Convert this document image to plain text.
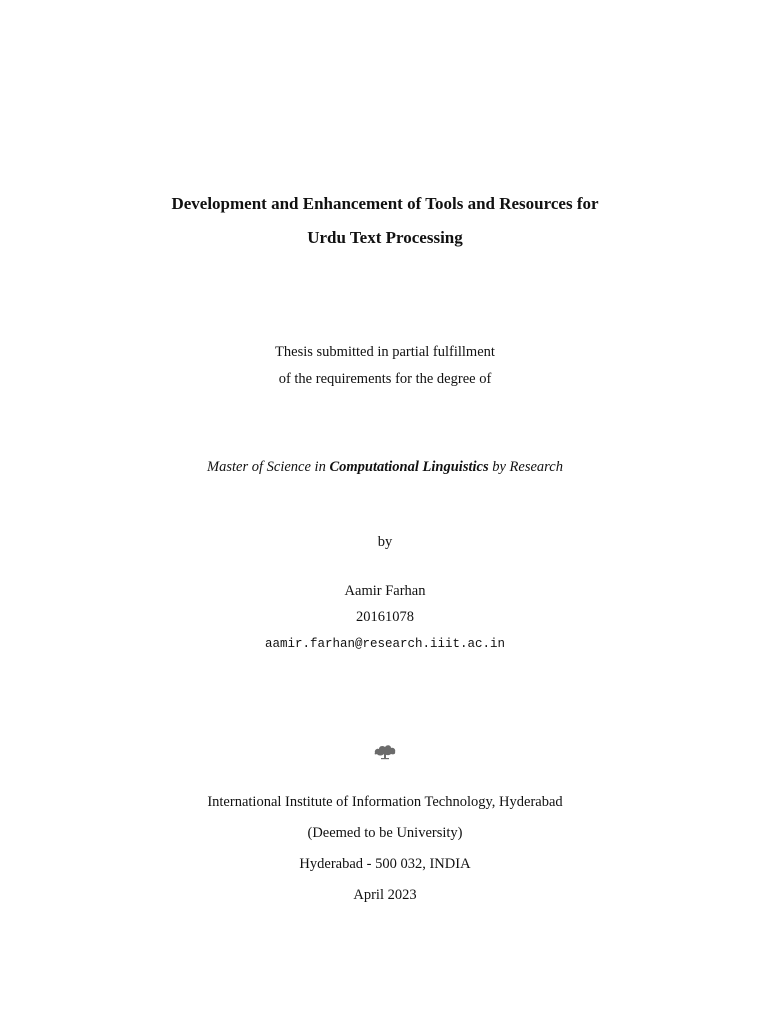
Development and Enhancement of Tools and Resources for
Urdu Text Processing
Thesis submitted in partial fulfillment
of the requirements for the degree of
Master of Science in Computational Linguistics by Research
by
Aamir Farhan
20161078
aamir.farhan@research.iiit.ac.in
International Institute of Information Technology, Hyderabad
(Deemed to be University)
Hyderabad - 500 032, INDIA
April 2023
